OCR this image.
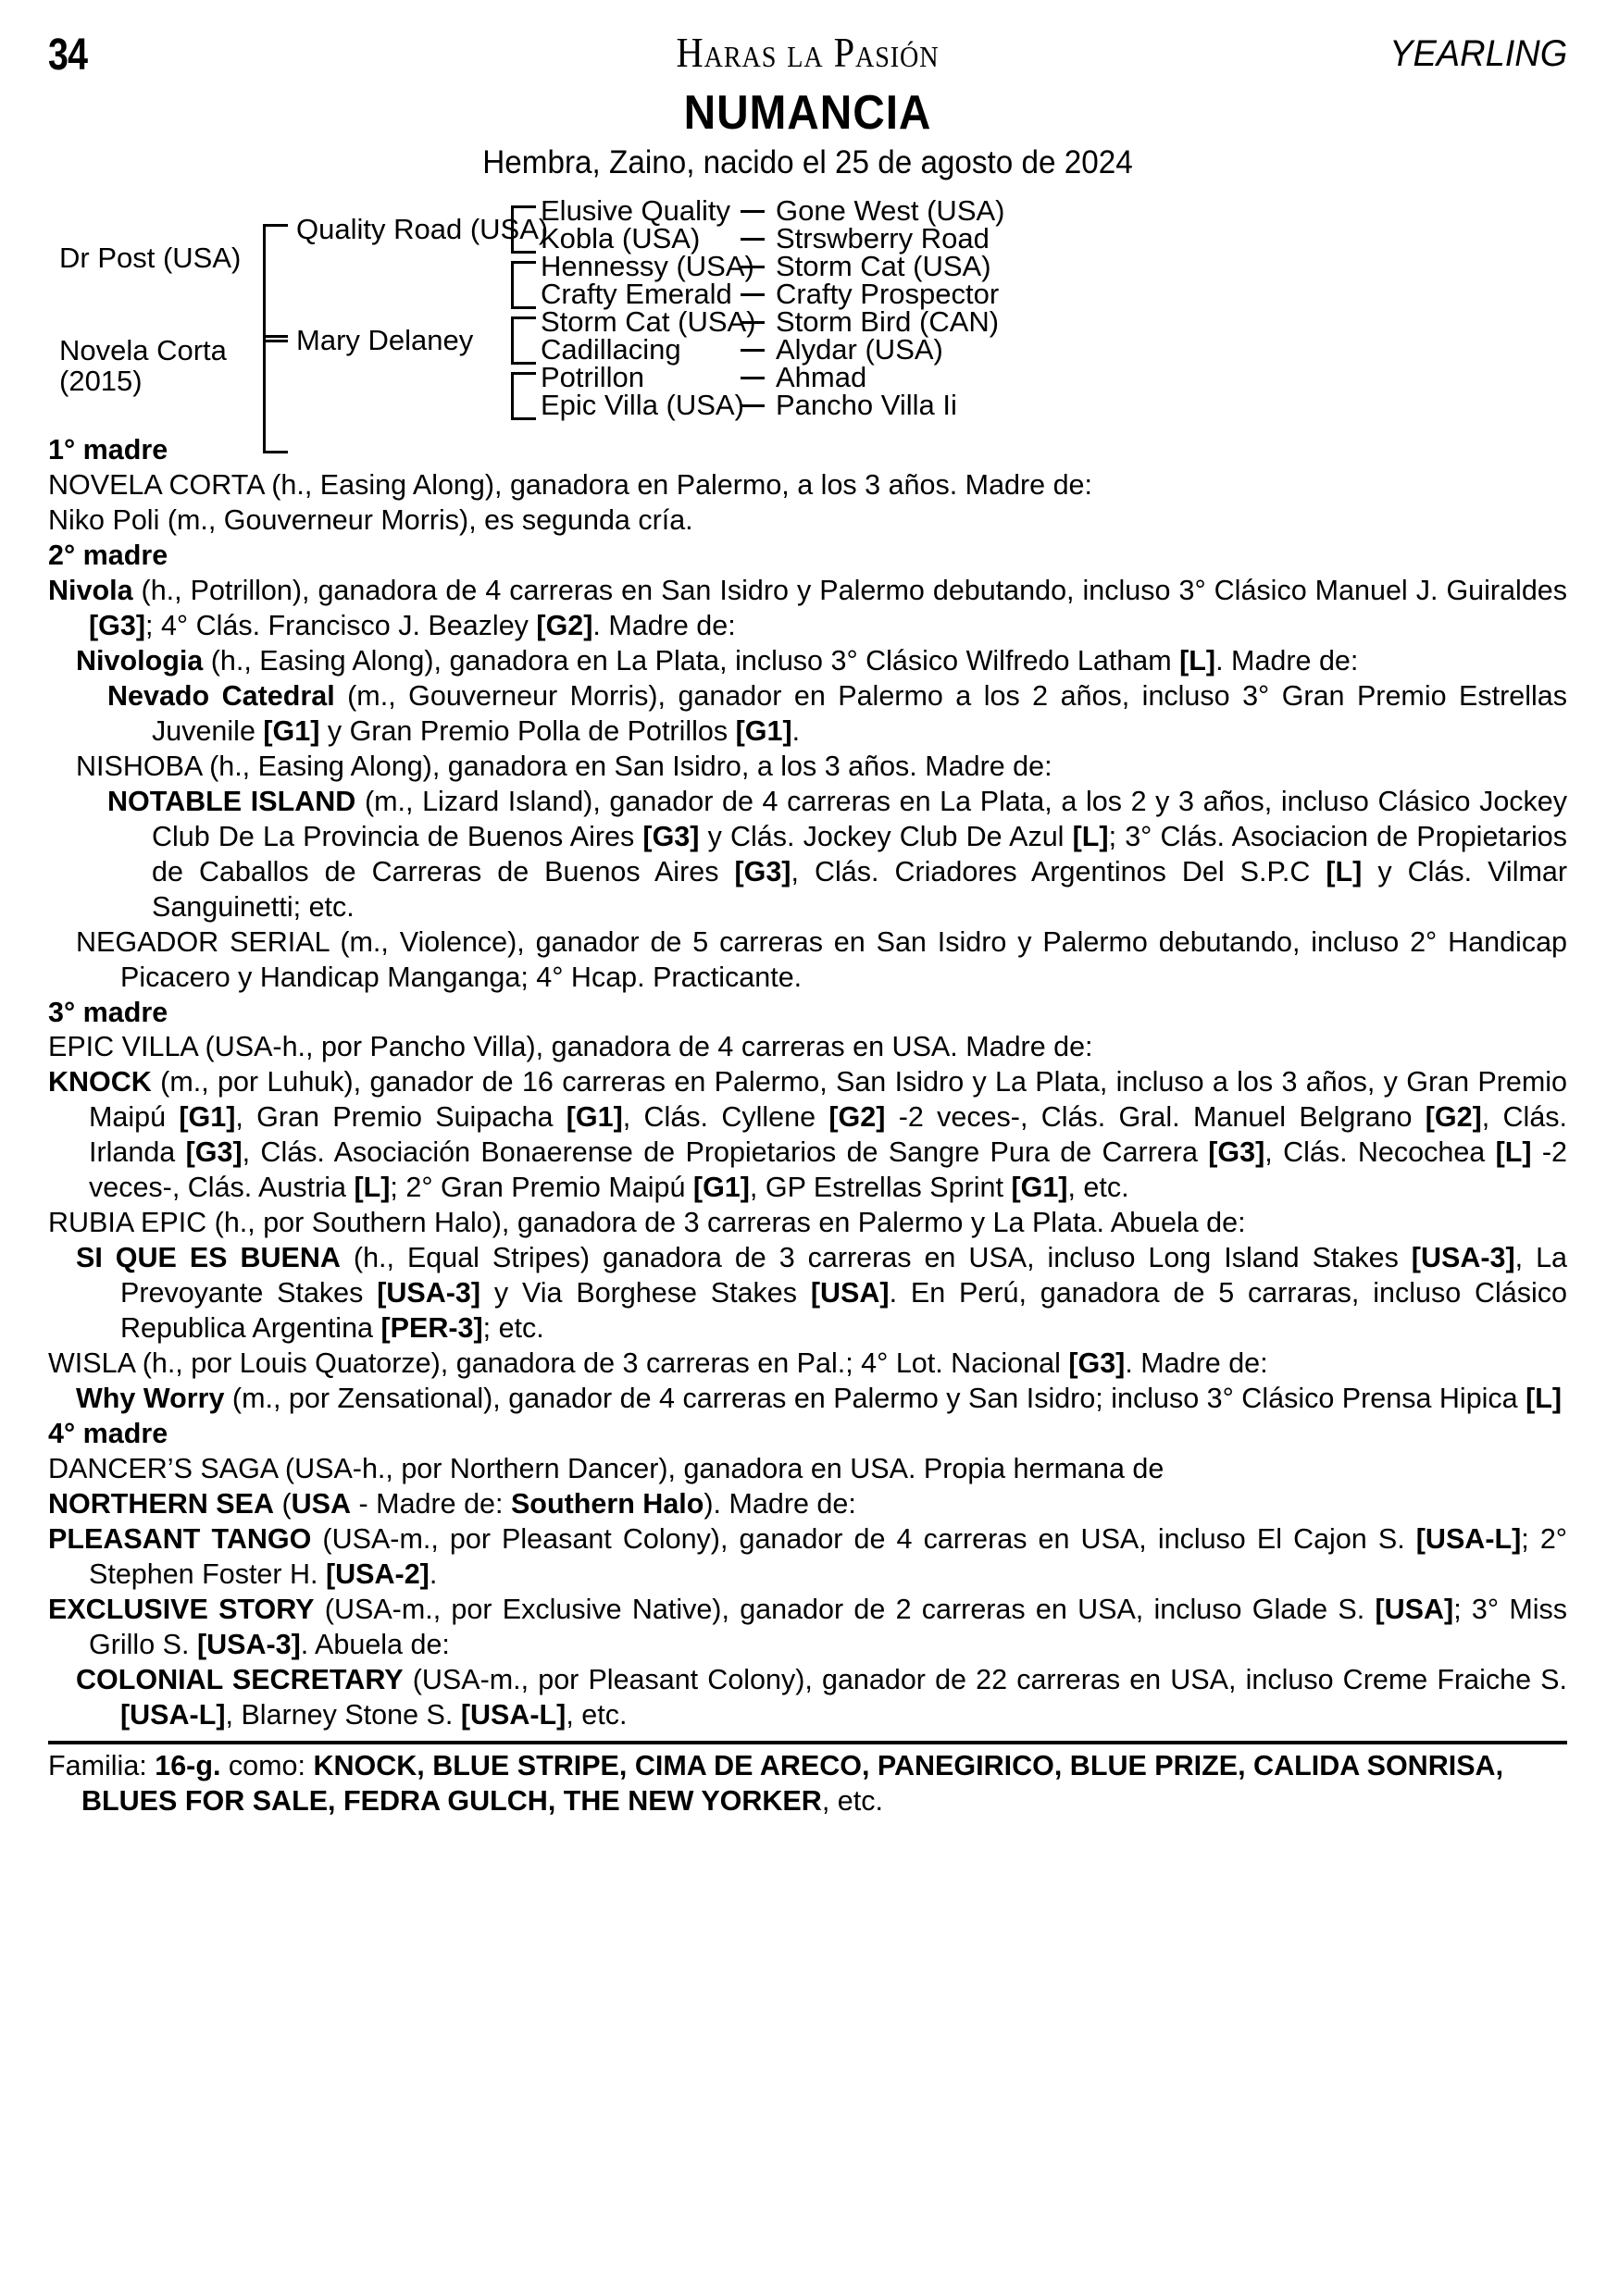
34	Haras la Pasión	YEARLING
NUMANCIA
Hembra, Zaino, nacido el 25 de agosto de 2024
Dr Post (USA)
Novela Corta
(2015)
Quality Road (USA)
Mary Delaney
Elusive Quality
Kobla (USA)
Hennessy (USA)
Crafty Emerald
Storm Cat (USA)
Cadillacing
Potrillon
Epic Villa (USA)
Gone West (USA)
Strswberry Road
Storm Cat (USA)
Crafty Prospector
Storm Bird (CAN)
Alydar (USA)
Ahmad
Pancho Villa Ii

1° madre

NOVELA CORTA (h., Easing Along), ganadora en Palermo, a los 3 años. Madre de:

Niko Poli (m., Gouverneur Morris), es segunda cría.

2° madre

Nivola (h., Potrillon), ganadora de 4 carreras en San Isidro y Palermo debutando, incluso 3° Clásico Manuel J. Guiraldes [G3]; 4° Clás. Francisco J. Beazley [G2]. Madre de:

Nivologia (h., Easing Along), ganadora en La Plata, incluso 3° Clásico Wilfredo Latham [L]. Madre de:

Nevado Catedral (m., Gouverneur Morris), ganador en Palermo a los 2 años, incluso 3° Gran Premio Estrellas Juvenile [G1] y Gran Premio Polla de Potrillos [G1].

NISHOBA (h., Easing Along), ganadora en San Isidro, a los 3 años. Madre de:

NOTABLE ISLAND (m., Lizard Island), ganador de 4 carreras en La Plata, a los 2 y 3 años, incluso Clásico Jockey Club De La Provincia de Buenos Aires [G3] y Clás. Jockey Club De Azul [L]; 3° Clás. Asociacion de Propietarios de Caballos de Carreras de Buenos Aires [G3], Clás. Criadores Argentinos Del S.P.C [L] y Clás. Vilmar Sanguinetti; etc.

NEGADOR SERIAL (m., Violence), ganador de 5 carreras en San Isidro y Palermo debutando, incluso 2° Handicap Picacero y Handicap Manganga; 4° Hcap. Practicante.

3° madre

EPIC VILLA (USA-h., por Pancho Villa), ganadora de 4 carreras en USA. Madre de:

KNOCK (m., por Luhuk), ganador de 16 carreras en Palermo, San Isidro y La Plata, incluso a los 3 años, y Gran Premio Maipú [G1], Gran Premio Suipacha [G1], Clás. Cyllene [G2] -2 veces-, Clás. Gral. Manuel Belgrano [G2], Clás. Irlanda [G3], Clás. Asociación Bonaerense de Propietarios de Sangre Pura de Carrera [G3], Clás. Necochea [L] -2 veces-, Clás. Austria [L]; 2° Gran Premio Maipú [G1], GP Estrellas Sprint [G1], etc.

RUBIA EPIC (h., por Southern Halo), ganadora de 3 carreras en Palermo y La Plata. Abuela de:

SI QUE ES BUENA (h., Equal Stripes) ganadora de 3 carreras en USA, incluso Long Island Stakes [USA-3], La Prevoyante Stakes [USA-3] y Via Borghese Stakes [USA]. En Perú, ganadora de 5 carraras, incluso Clásico Republica Argentina [PER-3]; etc.

WISLA (h., por Louis Quatorze), ganadora de 3 carreras en Pal.; 4° Lot. Nacional [G3]. Madre de:

Why Worry (m., por Zensational), ganador de 4 carreras en Palermo y San Isidro; incluso 3° Clásico Prensa Hipica [L]

4° madre

DANCER’S SAGA (USA-h., por Northern Dancer), ganadora en USA. Propia hermana de

NORTHERN SEA (USA - Madre de: Southern Halo). Madre de:

PLEASANT TANGO (USA-m., por Pleasant Colony), ganador de 4 carreras en USA, incluso El Cajon S. [USA-L]; 2° Stephen Foster H. [USA-2].

EXCLUSIVE STORY (USA-m., por Exclusive Native), ganador de 2 carreras en USA, incluso Glade S. [USA]; 3° Miss Grillo S. [USA-3]. Abuela de:

COLONIAL SECRETARY (USA-m., por Pleasant Colony), ganador de 22 carreras en USA, incluso Creme Fraiche S. [USA-L], Blarney Stone S. [USA-L], etc.

Familia: 16-g. como: KNOCK, BLUE STRIPE, CIMA DE ARECO, PANEGIRICO, BLUE PRIZE, CALIDA SONRISA, BLUES FOR SALE, FEDRA GULCH, THE NEW YORKER, etc.
